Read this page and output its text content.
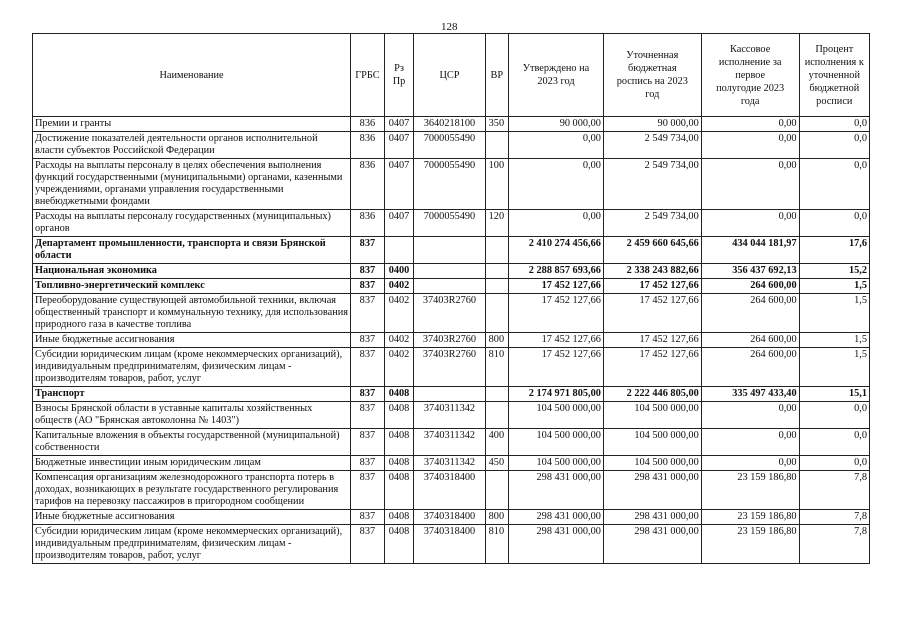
128
Наименование	ГРБС	Рз Пр	ЦСР	ВР	Утверждено на 2023 год	Уточненная бюджетная роспись на 2023 год	Кассовое исполнение за первое полугодие 2023 года	Процент исполнения к уточненной бюджетной росписи
Премии и гранты	836	0407	3640218100	350	90 000,00	90 000,00	0,00	0,0
Достижение показателей деятельности органов исполнительной власти субъектов Российской Федерации	836	0407	7000055490		0,00	2 549 734,00	0,00	0,0
Расходы на выплаты персоналу в целях обеспечения выполнения функций государственными (муниципальными) органами, казенными учреждениями, органами управления государственными внебюджетными фондами	836	0407	7000055490	100	0,00	2 549 734,00	0,00	0,0
Расходы на выплаты персоналу государственных (муниципальных) органов	836	0407	7000055490	120	0,00	2 549 734,00	0,00	0,0
Департамент промышленности, транспорта и связи Брянской области	837				2 410 274 456,66	2 459 660 645,66	434 044 181,97	17,6
Национальная экономика	837	0400			2 288 857 693,66	2 338 243 882,66	356 437 692,13	15,2
Топливно-энергетический комплекс	837	0402			17 452 127,66	17 452 127,66	264 600,00	1,5
Переоборудование существующей автомобильной техники, включая общественный транспорт и коммунальную технику, для использования природного газа в качестве топлива	837	0402	37403R2760		17 452 127,66	17 452 127,66	264 600,00	1,5
Иные бюджетные ассигнования	837	0402	37403R2760	800	17 452 127,66	17 452 127,66	264 600,00	1,5
Субсидии юридическим лицам (кроме некоммерческих организаций), индивидуальным предпринимателям, физическим лицам - производителям товаров, работ, услуг	837	0402	37403R2760	810	17 452 127,66	17 452 127,66	264 600,00	1,5
Транспорт	837	0408			2 174 971 805,00	2 222 446 805,00	335 497 433,40	15,1
Взносы Брянской области в уставные капиталы хозяйственных обществ (АО "Брянская автоколонна № 1403")	837	0408	3740311342		104 500 000,00	104 500 000,00	0,00	0,0
Капитальные вложения в объекты государственной (муниципальной) собственности	837	0408	3740311342	400	104 500 000,00	104 500 000,00	0,00	0,0
Бюджетные инвестиции иным юридическим лицам	837	0408	3740311342	450	104 500 000,00	104 500 000,00	0,00	0,0
Компенсация организациям железнодорожного транспорта потерь в доходах, возникающих в результате государственного регулирования тарифов на перевозку пассажиров в пригородном сообщении	837	0408	3740318400		298 431 000,00	298 431 000,00	23 159 186,80	7,8
Иные бюджетные ассигнования	837	0408	3740318400	800	298 431 000,00	298 431 000,00	23 159 186,80	7,8
Субсидии юридическим лицам (кроме некоммерческих организаций), индивидуальным предпринимателям, физическим лицам - производителям товаров, работ, услуг	837	0408	3740318400	810	298 431 000,00	298 431 000,00	23 159 186,80	7,8
